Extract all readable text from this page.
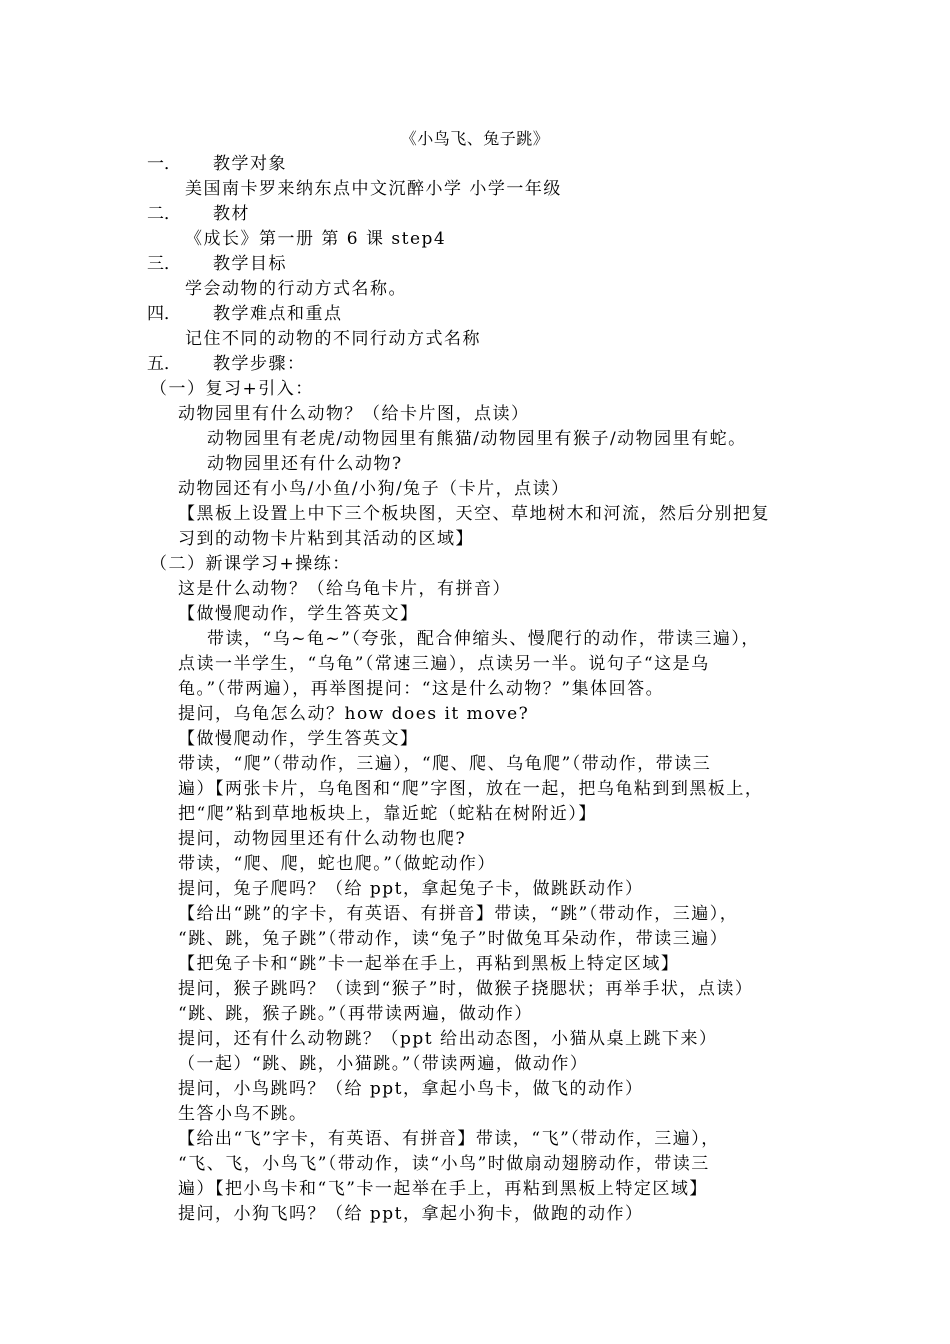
《小鸟飞、兔子跳》
一． 教学对象
美国南卡罗来纳东点中文沉醉小学 小学一年级
二． 教材
《成长》第一册 第 6 课 step4
三． 教学目标
学会动物的行动方式名称。
四． 教学难点和重点
记住不同的动物的不同行动方式名称
五． 教学步骤：
（一）复习+引入：
动物园里有什么动物？（给卡片图，点读）
动物园里有老虎/动物园里有熊猫/动物园里有猴子/动物园里有蛇。
动物园里还有什么动物?
动物园还有小鸟/小鱼/小狗/兔子（卡片，点读）
【黑板上设置上中下三个板块图，天空、草地树木和河流，然后分别把复
习到的动物卡片粘到其活动的区域】
（二）新课学习+操练：
这是什么动物？（给乌龟卡片，有拼音）
【做慢爬动作，学生答英文】
带读，“乌~龟~”（夸张，配合伸缩头、慢爬行的动作，带读三遍），
点读一半学生，“乌龟”（常速三遍），点读另一半。说句子“这是乌
龟。”（带两遍），再举图提问：“这是什么动物？”集体回答。
提问，乌龟怎么动？how does it move?
【做慢爬动作，学生答英文】
带读，“爬”（带动作，三遍），“爬、爬、乌龟爬”（带动作，带读三
遍）【两张卡片，乌龟图和“爬”字图，放在一起，把乌龟粘到到黑板上，
把“爬”粘到草地板块上，靠近蛇（蛇粘在树附近）】
提问，动物园里还有什么动物也爬?
带读，“爬、爬，蛇也爬。”（做蛇动作）
提问，兔子爬吗？（给 ppt，拿起兔子卡，做跳跃动作）
【给出“跳”的字卡，有英语、有拼音】带读，“跳”（带动作，三遍），
“跳、跳，兔子跳”（带动作，读“兔子”时做兔耳朵动作，带读三遍）
【把兔子卡和“跳”卡一起举在手上，再粘到黑板上特定区域】
提问，猴子跳吗？（读到“猴子”时，做猴子挠腮状；再举手状，点读）
“跳、跳，猴子跳。”（再带读两遍，做动作）
提问，还有什么动物跳？（ppt 给出动态图，小猫从桌上跳下来）
（一起）“跳、跳，小猫跳。”（带读两遍，做动作）
提问，小鸟跳吗？（给 ppt，拿起小鸟卡，做飞的动作）
生答小鸟不跳。
【给出“飞”字卡，有英语、有拼音】带读，“飞”（带动作，三遍），
“飞、飞，小鸟飞”（带动作，读“小鸟”时做扇动翅膀动作，带读三
遍）【把小鸟卡和“飞”卡一起举在手上，再粘到黑板上特定区域】
提问，小狗飞吗？（给 ppt，拿起小狗卡，做跑的动作）
